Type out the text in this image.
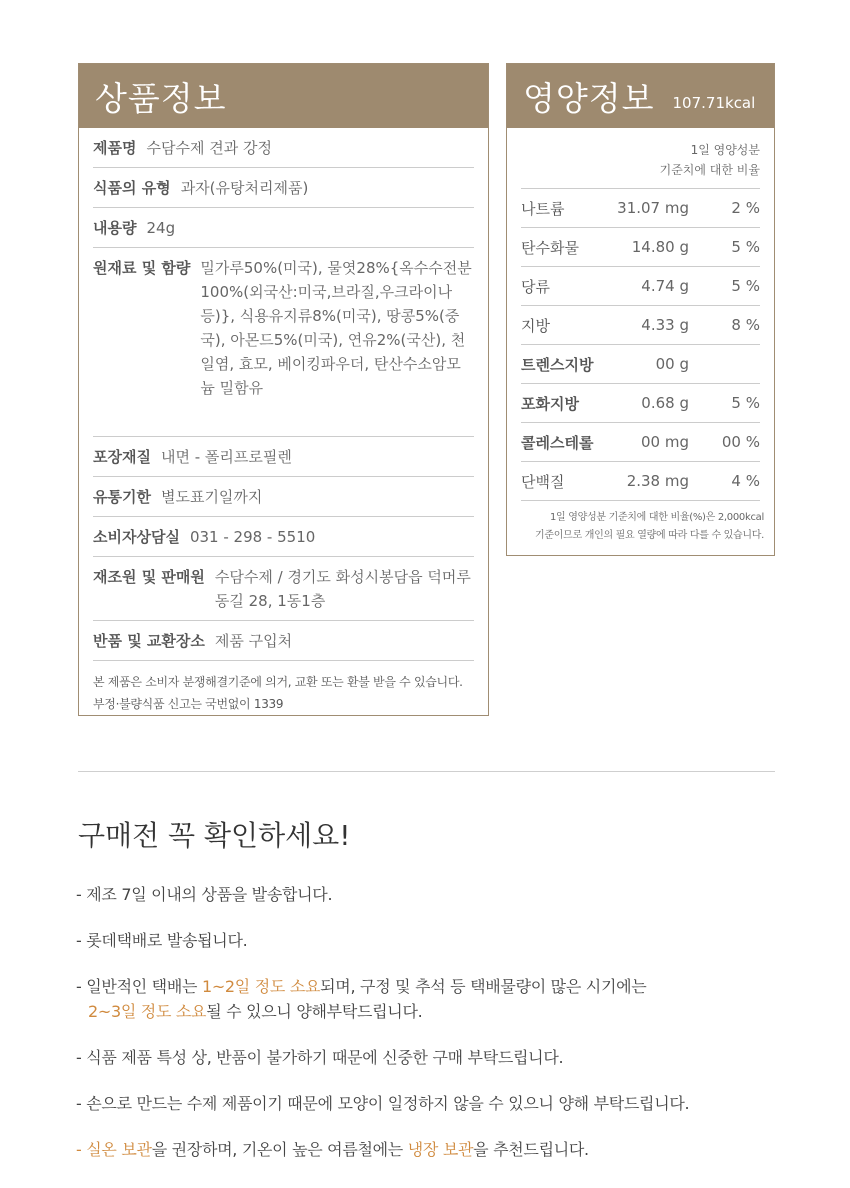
상품정보
제품명 수담수제 견과 강정
식품의 유형 과자(유탕처리제품)
내용량 24g
원재료 및 함량 밀가루50%(미국), 물엿28%{옥수수전분100%(외국산:미국,브라질,우크라이나등)}, 식용유지류8%(미국), 땅콩5%(중국), 아몬드5%(미국), 연유2%(국산), 천일염, 효모, 베이킹파우더, 탄산수소암모늄 밀함유
포장재질 내면 - 폴리프로필렌
유통기한 별도표기일까지
소비자상담실 031 - 298 - 5510
재조원 및 판매원 수담수제 / 경기도 화성시봉담읍 덕머루동길 28, 1동1층
반품 및 교환장소 제품 구입처
본 제품은 소비자 분쟁해결기준에 의거, 교환 또는 환불 받을 수 있습니다.
부정·불량식품 신고는 국번없이 1339
영양정보 107.71kcal
1일 영양성분
기준치에 대한 비율
나트륨	31.07 mg	2 %
탄수화물	14.80 g	5 %
당류	4.74 g	5 %
지방	4.33 g	8 %
트렌스지방	00 g
포화지방	0.68 g	5 %
콜레스테롤	00 mg	00 %
단백질	2.38 mg	4 %
1일 영양성분 기준치에 대한 비율(%)은 2,000kcal
기준이므로 개인의 필요 열량에 따라 다를 수 있습니다.
구매전 꼭 확인하세요!
- 제조 7일 이내의 상품을 발송합니다.
- 롯데택배로 발송됩니다.
- 일반적인 택배는 1~2일 정도 소요되며, 구정 및 추석 등 택배물량이 많은 시기에는
2~3일 정도 소요될 수 있으니 양해부탁드립니다.
- 식품 제품 특성 상, 반품이 불가하기 때문에 신중한 구매 부탁드립니다.
- 손으로 만드는 수제 제품이기 때문에 모양이 일정하지 않을 수 있으니 양해 부탁드립니다.
- 실온 보관을 권장하며, 기온이 높은 여름철에는 냉장 보관을 추천드립니다.
